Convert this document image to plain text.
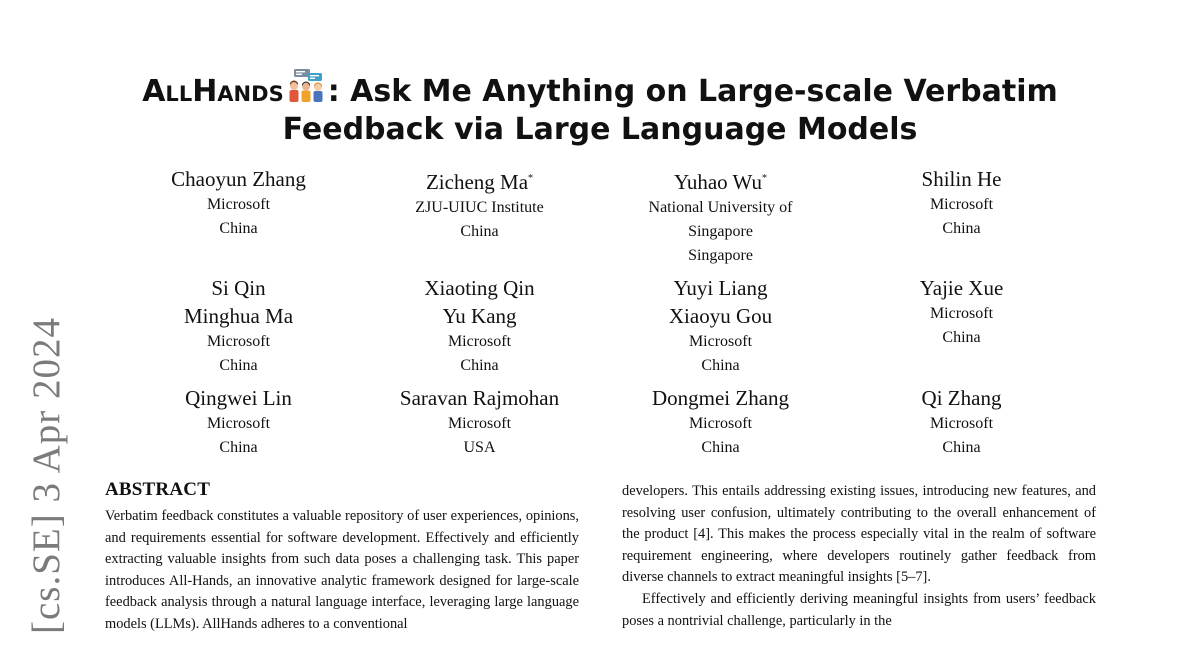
[cs.SE] 3 Apr 2024
AllHands : Ask Me Anything on Large-scale Verbatim
Feedback via Large Language Models
Chaoyun Zhang
Microsoft
China
Zicheng Ma*
ZJU-UIUC Institute
China
Yuhao Wu*
National University of
Singapore
Singapore
Shilin He
Microsoft
China
Si Qin
Minghua Ma
Microsoft
China
Xiaoting Qin
Yu Kang
Microsoft
China
Yuyi Liang
Xiaoyu Gou
Microsoft
China
Yajie Xue
Microsoft
China
Qingwei Lin
Microsoft
China
Saravan Rajmohan
Microsoft
USA
Dongmei Zhang
Microsoft
China
Qi Zhang
Microsoft
China
ABSTRACT

Verbatim feedback constitutes a valuable repository of user experiences, opinions, and requirements essential for software development. Effectively and efficiently extracting valuable insights from such data poses a challenging task. This paper introduces All-Hands, an innovative analytic framework designed for large-scale feedback analysis through a natural language interface, leveraging large language models (LLMs). AllHands adheres to a conventional

developers. This entails addressing existing issues, introducing new features, and resolving user confusion, ultimately contributing to the overall enhancement of the product [4]. This makes the process especially vital in the realm of software requirement engineering, where developers routinely gather feedback from diverse channels to extract meaningful insights [5–7].

Effectively and efficiently deriving meaningful insights from users’ feedback poses a nontrivial challenge, particularly in the
